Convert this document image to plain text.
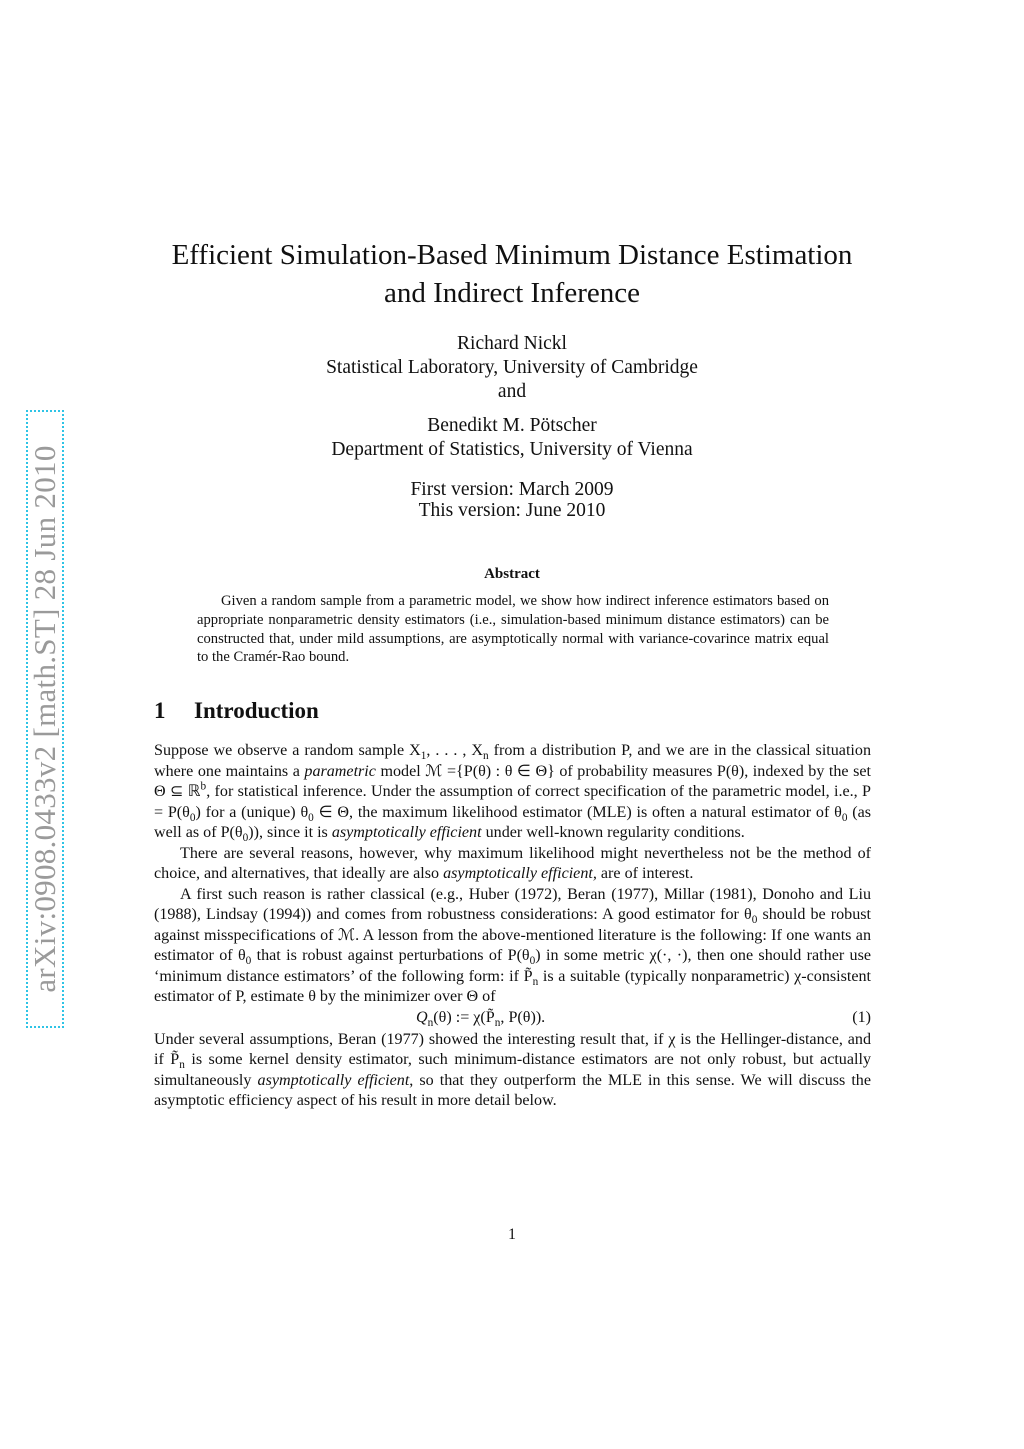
arXiv:0908.0433v2 [math.ST] 28 Jun 2010
Efficient Simulation-Based Minimum Distance Estimation
and Indirect Inference
Richard Nickl
Statistical Laboratory, University of Cambridge
and
Benedikt M. Pötscher
Department of Statistics, University of Vienna
First version: March 2009
This version: June 2010
Abstract

Given a random sample from a parametric model, we show how indirect inference estimators based on appropriate nonparametric density estimators (i.e., simulation-based minimum distance estimators) can be constructed that, under mild assumptions, are asymptotically normal with variance-covarince matrix equal to the Cramér-Rao bound.

1 Introduction

Suppose we observe a random sample $X_1$, . . . , $X_n$ from a distribution P, and we are in the classical situation where one maintains a parametric model ℳ ={P(θ) : θ ∈ Θ} of probability measures P(θ), indexed by the set Θ ⊆ ℝ$^b$, for statistical inference. Under the assumption of correct specification of the parametric model, i.e., $P = P(\theta_0)$ for a (unique) $\theta_0$ ∈ Θ, the maximum likelihood estimator (MLE) is often a natural estimator of $\theta_0$ (as well as of $P(\theta_0)$), since it is asymptotically efficient under well-known regularity conditions.

There are several reasons, however, why maximum likelihood might nevertheless not be the method of choice, and alternatives, that ideally are also asymptotically efficient, are of interest.

A first such reason is rather classical (e.g., Huber (1972), Beran (1977), Millar (1981), Donoho and Liu (1988), Lindsay (1994)) and comes from robustness considerations: A good estimator for $\theta_0$ should be robust against misspecifications of ℳ. A lesson from the above-mentioned literature is the following: If one wants an estimator of $\theta_0$ that is robust against perturbations of $P(\theta_0)$ in some metric χ(·, ·), then one should rather use ‘minimum distance estimators’ of the following form: if $P̃_n$ is a suitable (typically nonparametric) χ-consistent estimator of P, estimate θ by the minimizer over Θ of

$Q_n(\theta)$ := $\chi(P̃_n$, P(θ)).	(1)

Under several assumptions, Beran (1977) showed the interesting result that, if χ is the Hellinger-distance, and if $P̃_n$ is some kernel density estimator, such minimum-distance estimators are not only robust, but actually simultaneously asymptotically efficient, so that they outperform the MLE in this sense. We will discuss the asymptotic efficiency aspect of his result in more detail below.

1
